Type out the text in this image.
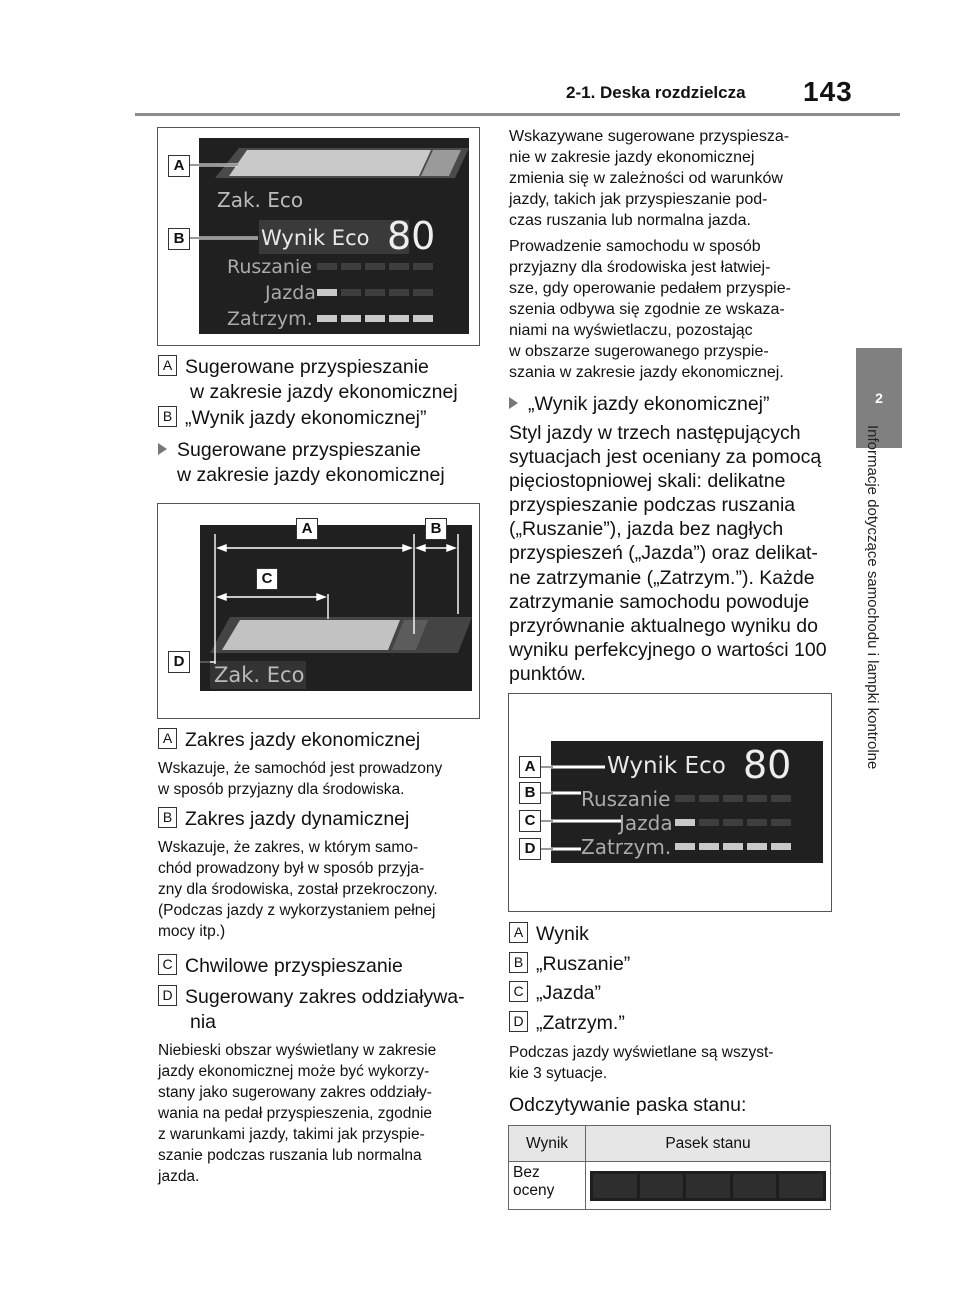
2-1. Deska rozdzielcza 143
2
Informacje dotyczące samochodu i lampki kontrolne
Zak. Eco
Wynik Eco 80
Ruszanie
Jazda
Zatrzym.
A
B
A Sugerowane przyspieszanie
w zakresie jazdy ekonomicznej
B „Wynik jazdy ekonomicznej”
Sugerowane przyspieszanie
w zakresie jazdy ekonomicznej
Zak. Eco
A	B
C
D
A Zakres jazdy ekonomicznej
Wskazuje, że samochód jest prowadzony
w sposób przyjazny dla środowiska.
B Zakres jazdy dynamicznej
Wskazuje, że zakres, w którym samo-
chód prowadzony był w sposób przyja-
zny dla środowiska, został przekroczony.
(Podczas jazdy z wykorzystaniem pełnej
mocy itp.)
C Chwilowe przyspieszanie
D Sugerowany zakres oddziaływa-
nia
Niebieski obszar wyświetlany w zakresie
jazdy ekonomicznej może być wykorzy-
stany jako sugerowany zakres oddziały-
wania na pedał przyspieszenia, zgodnie
z warunkami jazdy, takimi jak przyspie-
szanie podczas ruszania lub normalna
jazda.
Wskazywane sugerowane przyspiesza-
nie w zakresie jazdy ekonomicznej
zmienia się w zależności od warunków
jazdy, takich jak przyspieszanie pod-
czas ruszania lub normalna jazda.
Prowadzenie samochodu w sposób
przyjazny dla środowiska jest łatwiej-
sze, gdy operowanie pedałem przyspie-
szenia odbywa się zgodnie ze wskaza-
niami na wyświetlaczu, pozostając
w obszarze sugerowanego przyspie-
szania w zakresie jazdy ekonomicznej.
„Wynik jazdy ekonomicznej”
Styl jazdy w trzech następujących
sytuacjach jest oceniany za pomocą
pięciostopniowej skali: delikatne
przyspieszanie podczas ruszania
(„Ruszanie”), jazda bez nagłych
przyspieszeń („Jazda”) oraz delikat-
ne zatrzymanie („Zatrzym.”). Każde
zatrzymanie samochodu powoduje
przyrównanie aktualnego wyniku do
wyniku perfekcyjnego o wartości 100
punktów.
Wynik Eco 80
Ruszanie
Jazda
Zatrzym.
A
B
C
D
A Wynik
B „Ruszanie”
C „Jazda”
D „Zatrzym.”
Podczas jazdy wyświetlane są wszyst-
kie 3 sytuacje.
Odczytywanie paska stanu:
Wynik	Pasek stanu

Bez
oceny	
